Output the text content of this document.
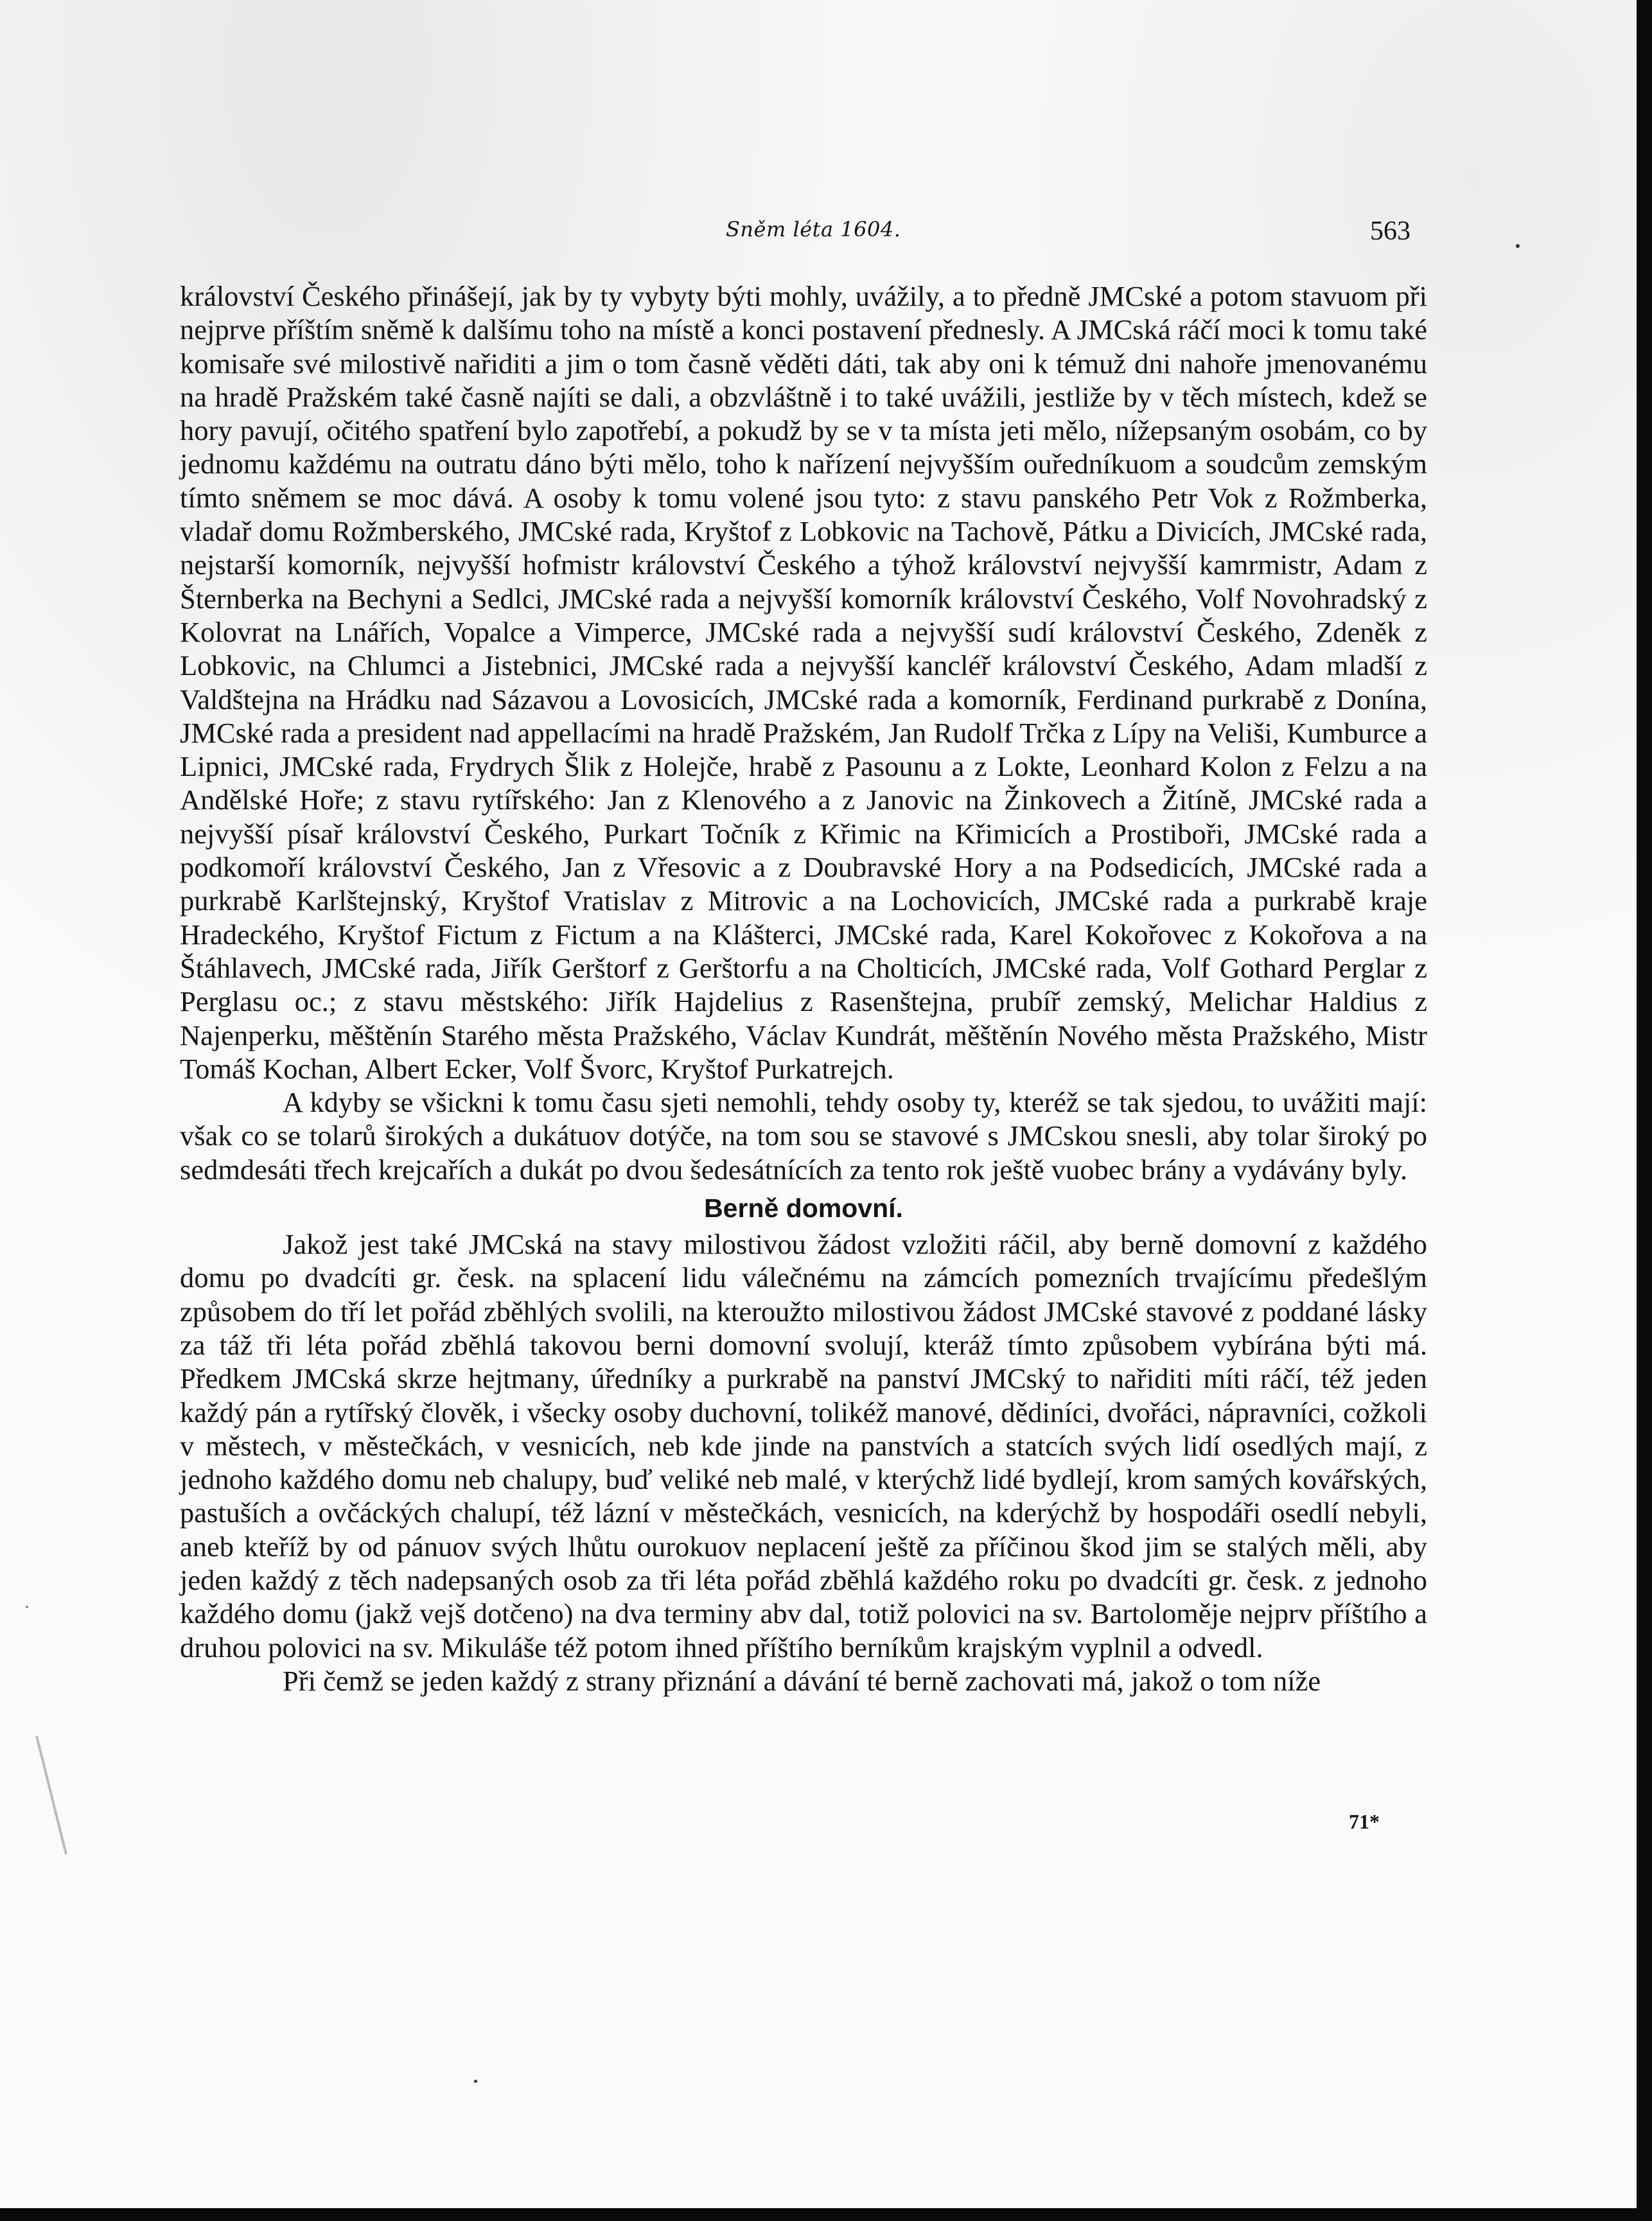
Sněm léta 1604.	563

království Českého přinášejí, jak by ty vybyty býti mohly, uvážily, a to předně JMCské a potom stavuom při nejprve příštím sněmě k dalšímu toho na místě a konci postavení přednesly. A JMCská ráčí moci k tomu také komisaře své milostivě nařiditi a jim o tom časně věděti dáti, tak aby oni k témuž dni nahoře jmenovanému na hradě Pražském také časně najíti se dali, a obzvláštně i to také uvážili, jestliže by v těch místech, kdež se hory pavují, očitého spatření bylo zapotřebí, a pokudž by se v ta místa jeti mělo, nížepsaným osobám, co by jednomu každému na outratu dáno býti mělo, toho k nařízení nejvyšším ouředníkuom a soudcům zemským tímto sněmem se moc dává. A osoby k tomu volené jsou tyto: z stavu panského Petr Vok z Rožmberka, vladař domu Rožmberského, JMCské rada, Kryštof z Lobkovic na Tachově, Pátku a Divicích, JMCské rada, nejstarší komorník, nejvyšší hofmistr království Českého a týhož království nejvyšší kamrmistr, Adam z Šternberka na Bechyni a Sedlci, JMCské rada a nejvyšší komorník království Českého, Volf Novohradský z Kolovrat na Lnářích, Vopalce a Vimperce, JMCské rada a nejvyšší sudí království Českého, Zdeněk z Lobkovic, na Chlumci a Jistebnici, JMCské rada a nejvyšší kancléř království Českého, Adam mladší z Valdštejna na Hrádku nad Sázavou a Lovosicích, JMCské rada a komorník, Ferdinand purkrabě z Donína, JMCské rada a president nad appellacími na hradě Pražském, Jan Rudolf Trčka z Lípy na Veliši, Kumburce a Lipnici, JMCské rada, Frydrych Šlik z Holejče, hrabě z Pasounu a z Lokte, Leonhard Kolon z Felzu a na Andělské Hoře; z stavu rytířského: Jan z Klenového a z Janovic na Žinkovech a Žitíně, JMCské rada a nejvyšší písař království Českého, Purkart Točník z Křimic na Křimicích a Prostiboři, JMCské rada a podkomoří království Českého, Jan z Vřesovic a z Doubravské Hory a na Podsedicích, JMCské rada a purkrabě Karlštejnský, Kryštof Vratislav z Mitrovic a na Lochovicích, JMCské rada a purkrabě kraje Hradeckého, Kryštof Fictum z Fictum a na Klášterci, JMCské rada, Karel Kokořovec z Kokořova a na Štáhlavech, JMCské rada, Jiřík Gerštorf z Gerštorfu a na Cholticích, JMCské rada, Volf Gothard Perglar z Perglasu oc.; z stavu městského: Jiřík Hajdelius z Rasenštejna, prubíř zemský, Melichar Haldius z Najenperku, měštěnín Starého města Pražského, Václav Kundrát, měštěnín Nového města Pražského, Mistr Tomáš Kochan, Albert Ecker, Volf Švorc, Kryštof Purkatrejch.

A kdyby se všickni k tomu času sjeti nemohli, tehdy osoby ty, kteréž se tak sjedou, to uvážiti mají: však co se tolarů širokých a dukátuov dotýče, na tom sou se stavové s JMCskou snesli, aby tolar široký po sedmdesáti třech krejcařích a dukát po dvou šedesátnících za tento rok ještě vuobec brány a vydávány byly.

Berně domovní.

Jakož jest také JMCská na stavy milostivou žádost vzložiti ráčil, aby berně domovní z každého domu po dvadcíti gr. česk. na splacení lidu válečnému na zámcích pomezních trvajícímu předešlým způsobem do tří let pořád zběhlých svolili, na kteroužto milostivou žádost JMCské stavové z poddané lásky za táž tři léta pořád zběhlá takovou berni domovní svolují, kteráž tímto způsobem vybírána býti má. Předkem JMCská skrze hejtmany, úředníky a purkrabě na panství JMCský to nařiditi míti ráčí, též jeden každý pán a rytířský člověk, i všecky osoby duchovní, tolikéž manové, dědiníci, dvořáci, nápravníci, cožkoli v městech, v městečkách, v vesnicích, neb kde jinde na panstvích a statcích svých lidí osedlých mají, z jednoho každého domu neb chalupy, buď veliké neb malé, v kterýchž lidé bydlejí, krom samých kovářských, pastuších a ovčáckých chalupí, též lázní v městečkách, vesnicích, na kderýchž by hospodáři osedlí nebyli, aneb kteříž by od pánuov svých lhůtu ourokuov neplacení ještě za příčinou škod jim se stalých měli, aby jeden každý z těch nadepsaných osob za tři léta pořád zběhlá každého roku po dvadcíti gr. česk. z jednoho každého domu (jakž vejš dotčeno) na dva terminy abv dal, totiž polovici na sv. Bartoloměje nejprv příštího a druhou polovici na sv. Mikuláše též potom ihned příštího berníkům krajským vyplnil a odvedl.

Při čemž se jeden každý z strany přiznání a dávání té berně zachovati má, jakož o tom níže

71*
